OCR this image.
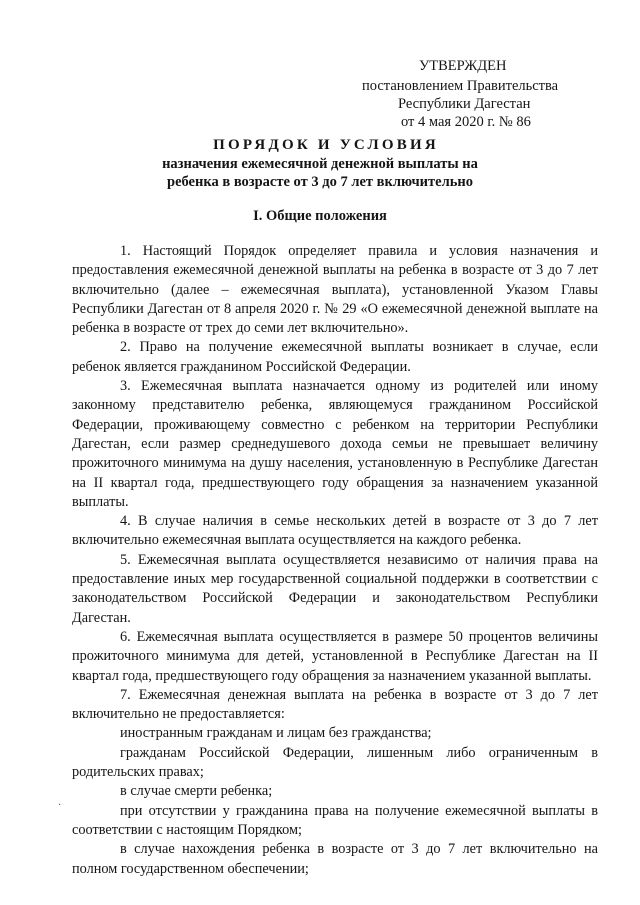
УТВЕРЖДЕН
постановлением Правительства
Республики Дагестан
от 4 мая 2020 г. № 86
ПОРЯДОК И УСЛОВИЯ
назначения ежемесячной денежной выплаты на
ребенка в возрасте от 3 до 7 лет включительно
I. Общие положения

1. Настоящий Порядок определяет правила и условия назначения и предоставления ежемесячной денежной выплаты на ребенка в возрасте от 3 до 7 лет включительно (далее – ежемесячная выплата), установленной Указом Главы Республики Дагестан от 8 апреля 2020 г. № 29 «О ежемесячной денежной выплате на ребенка в возрасте от трех до семи лет включительно».

2. Право на получение ежемесячной выплаты возникает в случае, если ребенок является гражданином Российской Федерации.

3. Ежемесячная выплата назначается одному из родителей или иному законному представителю ребенка, являющемуся гражданином Российской Федерации, проживающему совместно с ребенком на территории Республики Дагестан, если размер среднедушевого дохода семьи не превышает величину прожиточного минимума на душу населения, установленную в Республике Дагестан на II квартал года, предшествующего году обращения за назначением указанной выплаты.

4. В случае наличия в семье нескольких детей в возрасте от 3 до 7 лет включительно ежемесячная выплата осуществляется на каждого ребенка.

5. Ежемесячная выплата осуществляется независимо от наличия права на предоставление иных мер государственной социальной поддержки в соответствии с законодательством Российской Федерации и законодательством Республики Дагестан.

6. Ежемесячная выплата осуществляется в размере 50 процентов величины прожиточного минимума для детей, установленной в Республике Дагестан на II квартал года, предшествующего году обращения за назначением указанной выплаты.

7. Ежемесячная денежная выплата на ребенка в возрасте от 3 до 7 лет включительно не предоставляется:

иностранным гражданам и лицам без гражданства;

гражданам Российской Федерации, лишенным либо ограниченным в родительских правах;

в случае смерти ребенка;

при отсутствии у гражданина права на получение ежемесячной выплаты в соответствии с настоящим Порядком;

в случае нахождения ребенка в возрасте от 3 до 7 лет включительно на полном государственном обеспечении;

·
